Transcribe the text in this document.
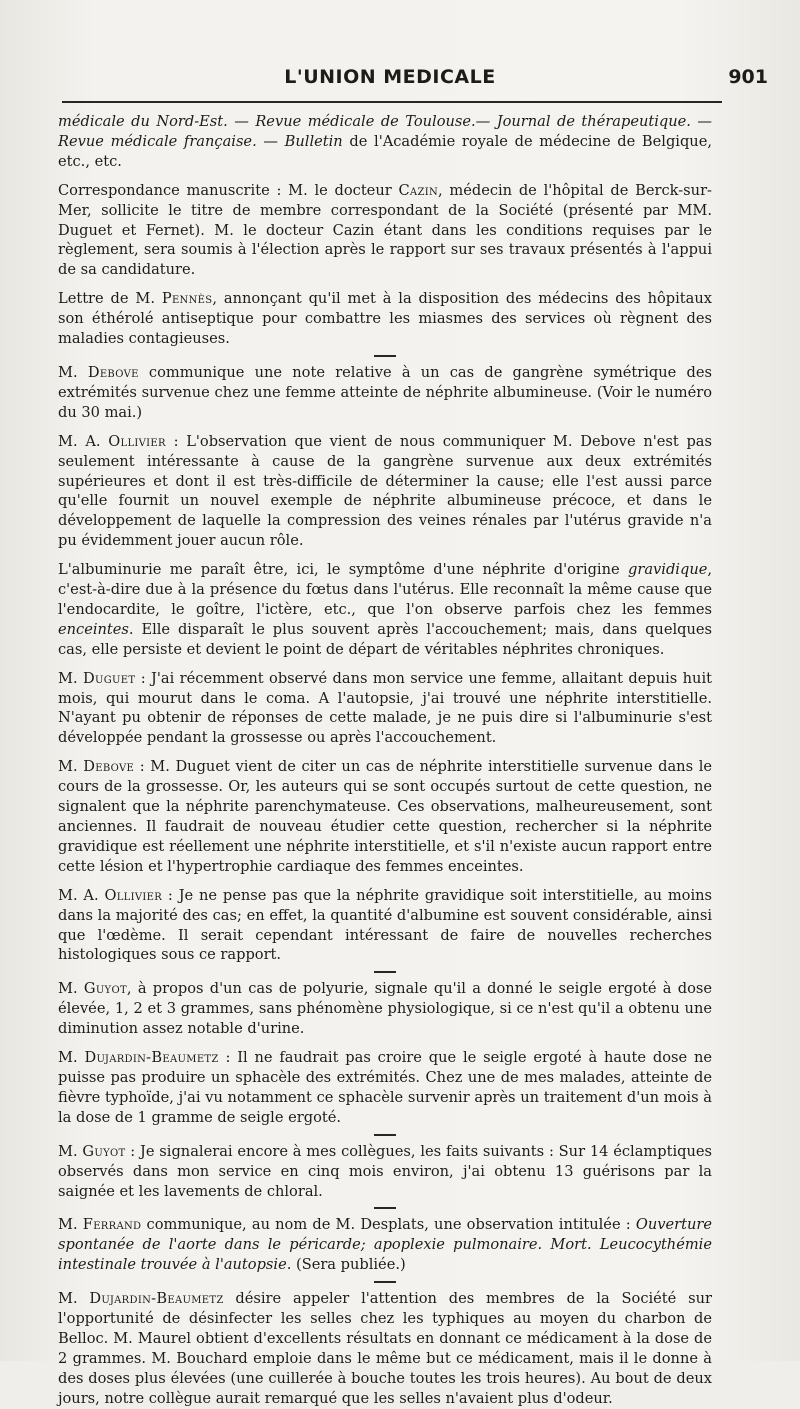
L'UNION MEDICALE	901

médicale du Nord-Est. — Revue médicale de Toulouse.— Journal de thérapeutique. — Revue médicale française. — Bulletin de l'Académie royale de médecine de Belgique, etc., etc.

Correspondance manuscrite : M. le docteur Cazin, médecin de l'hôpital de Berck-sur-Mer, sollicite le titre de membre correspondant de la Société (présenté par MM. Duguet et Fernet). M. le docteur Cazin étant dans les conditions requises par le règlement, sera soumis à l'élection après le rapport sur ses travaux présentés à l'appui de sa candidature.

Lettre de M. Pennès, annonçant qu'il met à la disposition des médecins des hôpitaux son éthérolé antiseptique pour combattre les miasmes des services où règnent des maladies contagieuses.

M. Debove communique une note relative à un cas de gangrène symétrique des extrémités survenue chez une femme atteinte de néphrite albumineuse. (Voir le numéro du 30 mai.)

M. A. Ollivier : L'observation que vient de nous communiquer M. Debove n'est pas seulement intéressante à cause de la gangrène survenue aux deux extrémités supérieures et dont il est très-difficile de déterminer la cause; elle l'est aussi parce qu'elle fournit un nouvel exemple de néphrite albumineuse précoce, et dans le développement de laquelle la compression des veines rénales par l'utérus gravide n'a pu évidemment jouer aucun rôle.

L'albuminurie me paraît être, ici, le symptôme d'une néphrite d'origine gravidique, c'est-à-dire due à la présence du fœtus dans l'utérus. Elle reconnaît la même cause que l'endocardite, le goître, l'ictère, etc., que l'on observe parfois chez les femmes enceintes. Elle disparaît le plus souvent après l'accouchement; mais, dans quelques cas, elle persiste et devient le point de départ de véritables néphrites chroniques.

M. Duguet : J'ai récemment observé dans mon service une femme, allaitant depuis huit mois, qui mourut dans le coma. A l'autopsie, j'ai trouvé une néphrite interstitielle. N'ayant pu obtenir de réponses de cette malade, je ne puis dire si l'albuminurie s'est développée pendant la grossesse ou après l'accouchement.

M. Debove : M. Duguet vient de citer un cas de néphrite interstitielle survenue dans le cours de la grossesse. Or, les auteurs qui se sont occupés surtout de cette question, ne signalent que la néphrite parenchymateuse. Ces observations, malheureusement, sont anciennes. Il faudrait de nouveau étudier cette question, rechercher si la néphrite gravidique est réellement une néphrite interstitielle, et s'il n'existe aucun rapport entre cette lésion et l'hypertrophie cardiaque des femmes enceintes.

M. A. Ollivier : Je ne pense pas que la néphrite gravidique soit interstitielle, au moins dans la majorité des cas; en effet, la quantité d'albumine est souvent considérable, ainsi que l'œdème. Il serait cependant intéressant de faire de nouvelles recherches histologiques sous ce rapport.

M. Guyot, à propos d'un cas de polyurie, signale qu'il a donné le seigle ergoté à dose élevée, 1, 2 et 3 grammes, sans phénomène physiologique, si ce n'est qu'il a obtenu une diminution assez notable d'urine.

M. Dujardin-Beaumetz : Il ne faudrait pas croire que le seigle ergoté à haute dose ne puisse pas produire un sphacèle des extrémités. Chez une de mes malades, atteinte de fièvre typhoïde, j'ai vu notamment ce sphacèle survenir après un traitement d'un mois à la dose de 1 gramme de seigle ergoté.

M. Guyot : Je signalerai encore à mes collègues, les faits suivants : Sur 14 éclamptiques observés dans mon service en cinq mois environ, j'ai obtenu 13 guérisons par la saignée et les lavements de chloral.

M. Ferrand communique, au nom de M. Desplats, une observation intitulée : Ouverture spontanée de l'aorte dans le péricarde; apoplexie pulmonaire. Mort. Leucocythémie intestinale trouvée à l'autopsie. (Sera publiée.)

M. Dujardin-Beaumetz désire appeler l'attention des membres de la Société sur l'opportunité de désinfecter les selles chez les typhiques au moyen du charbon de Belloc. M. Maurel obtient d'excellents résultats en donnant ce médicament à la dose de 2 grammes. M. Bouchard emploie dans le même but ce médicament, mais il le donne à des doses plus élevées (une cuillerée à bouche toutes les trois heures). Au bout de deux jours, notre collègue aurait remarqué que les selles n'avaient plus d'odeur.
